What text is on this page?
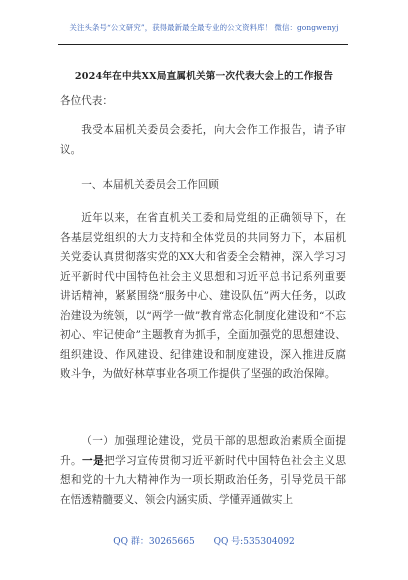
关注头条号“公文研究”，获得最新最全最专业的公文资料库！ 微信：gongwenyj
2024年在中共XX局直属机关第一次代表大会上的工作报告
各位代表：
我受本届机关委员会委托，向大会作工作报告，请予审议。
一、本届机关委员会工作回顾
近年以来，在省直机关工委和局党组的正确领导下，在各基层党组织的大力支持和全体党员的共同努力下，本届机关党委认真贯彻落实党的XX大和省委全会精神，深入学习习近平新时代中国特色社会主义思想和习近平总书记系列重要讲话精神，紧紧围绕“服务中心、建设队伍”两大任务，以政治建设为统领，以“两学一做”教育常态化制度化建设和“不忘初心、牢记使命”主题教育为抓手，全面加强党的思想建设、组织建设、作风建设、纪律建设和制度建设，深入推进反腐败斗争，为做好林草事业各项工作提供了坚强的政治保障。
（一）加强理论建设，党员干部的思想政治素质全面提升。一是把学习宣传贯彻习近平新时代中国特色社会主义思想和党的十九大精神作为一项长期政治任务，引导党员干部在悟透精髓要义、领会内涵实质、学懂弄通做实上
QQ 群：30265665 QQ 号:535304092
